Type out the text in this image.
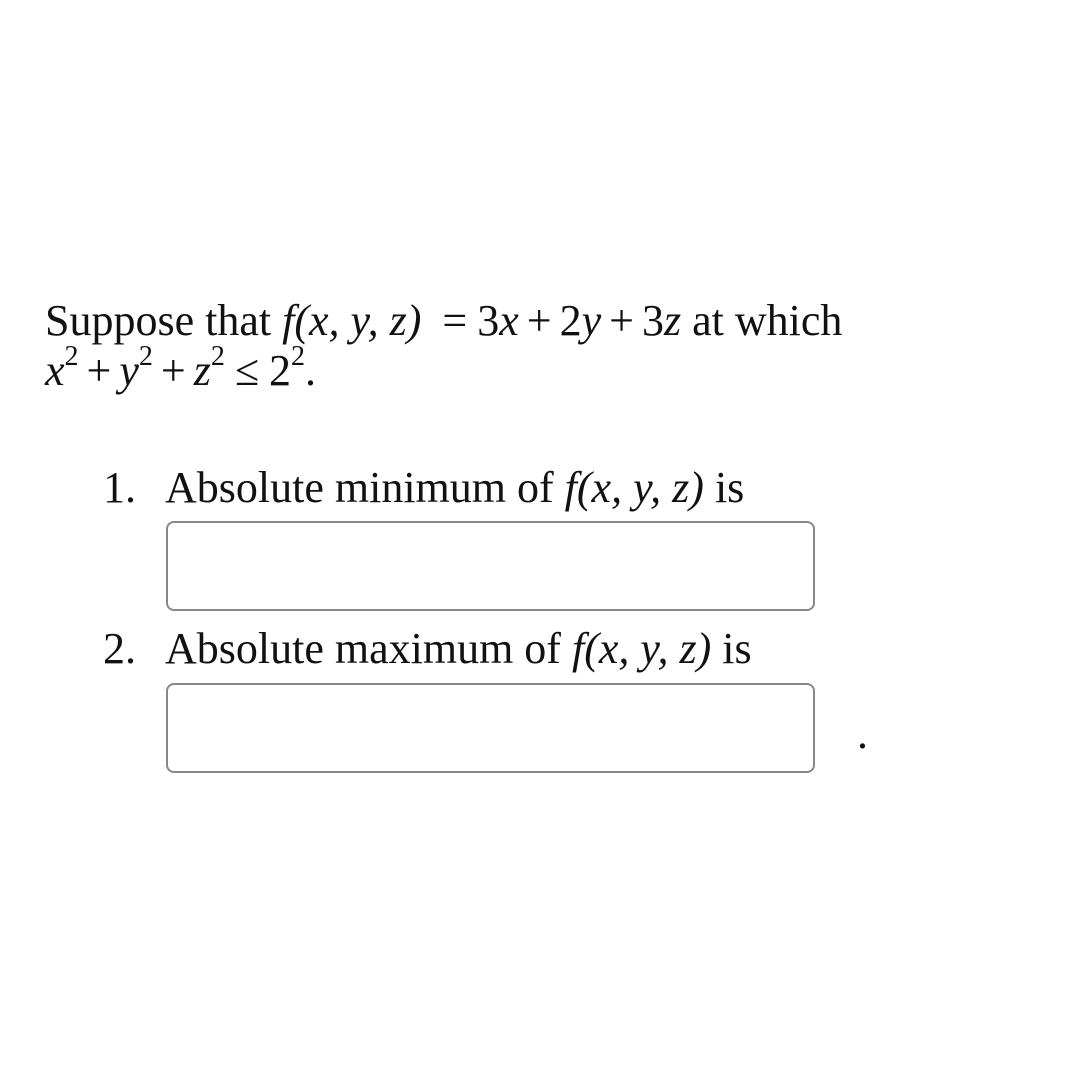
Suppose that f(x, y, z) = 3x + 2y + 3z at which
$x^2 + y^2 + z^2 \le 2^2$.
1. Absolute minimum of f(x, y, z) is
2. Absolute maximum of f(x, y, z) is
.
